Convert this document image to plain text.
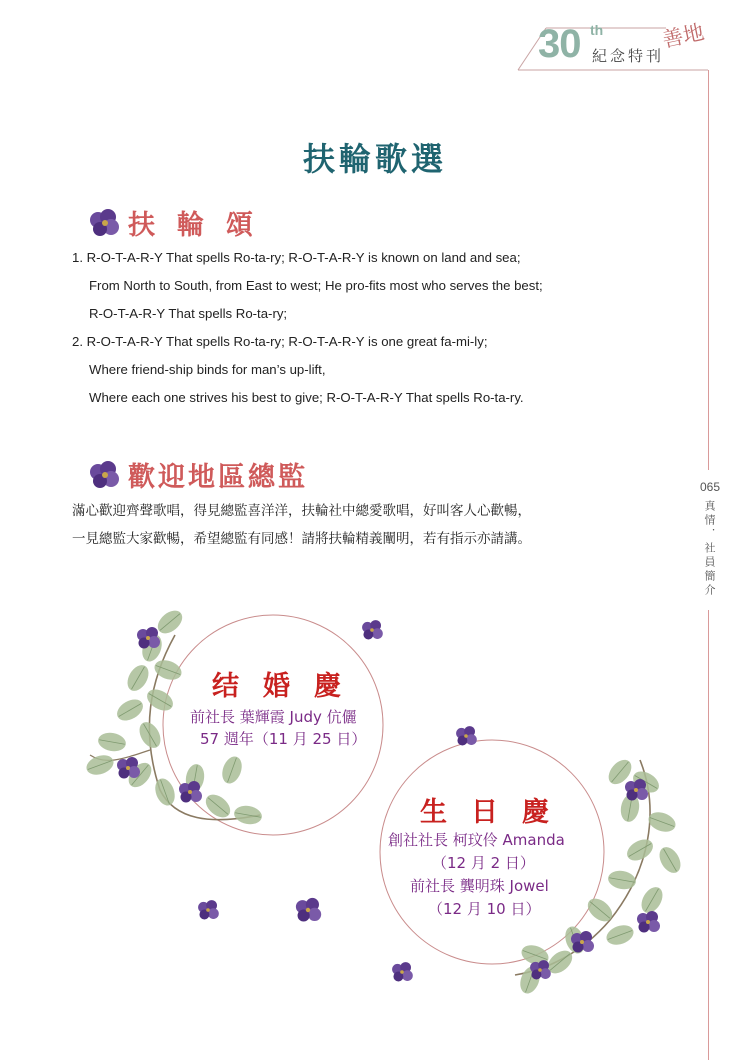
30 th
紀念特刊
善地
065
真情．社員簡介
扶輪歌選
扶輪頌
1. R-O-T-A-R-Y That spells Ro-ta-ry; R-O-T-A-R-Y is known on land and sea;
From North to South, from East to west; He pro-fits most who serves the best;
R-O-T-A-R-Y That spells Ro-ta-ry;
2. R-O-T-A-R-Y That spells Ro-ta-ry; R-O-T-A-R-Y is one great fa-mi-ly;
Where friend-ship binds for man’s up-lift,
Where each one strives his best to give; R-O-T-A-R-Y That spells Ro-ta-ry.
歡迎地區總監
滿心歡迎齊聲歌唱，得見總監喜洋洋，扶輪社中總愛歌唱，好叫客人心歡暢，
一見總監大家歡暢，希望總監有同感！請將扶輪精義闡明，若有指示亦請講。
结婚慶
前社長 葉輝霞 Judy 伉儷
57 週年（11 月 25 日）
生日慶
創社社長 柯玟伶 Amanda
（12 月 2 日）
前社長 龔明珠 Jowel
（12 月 10 日）
